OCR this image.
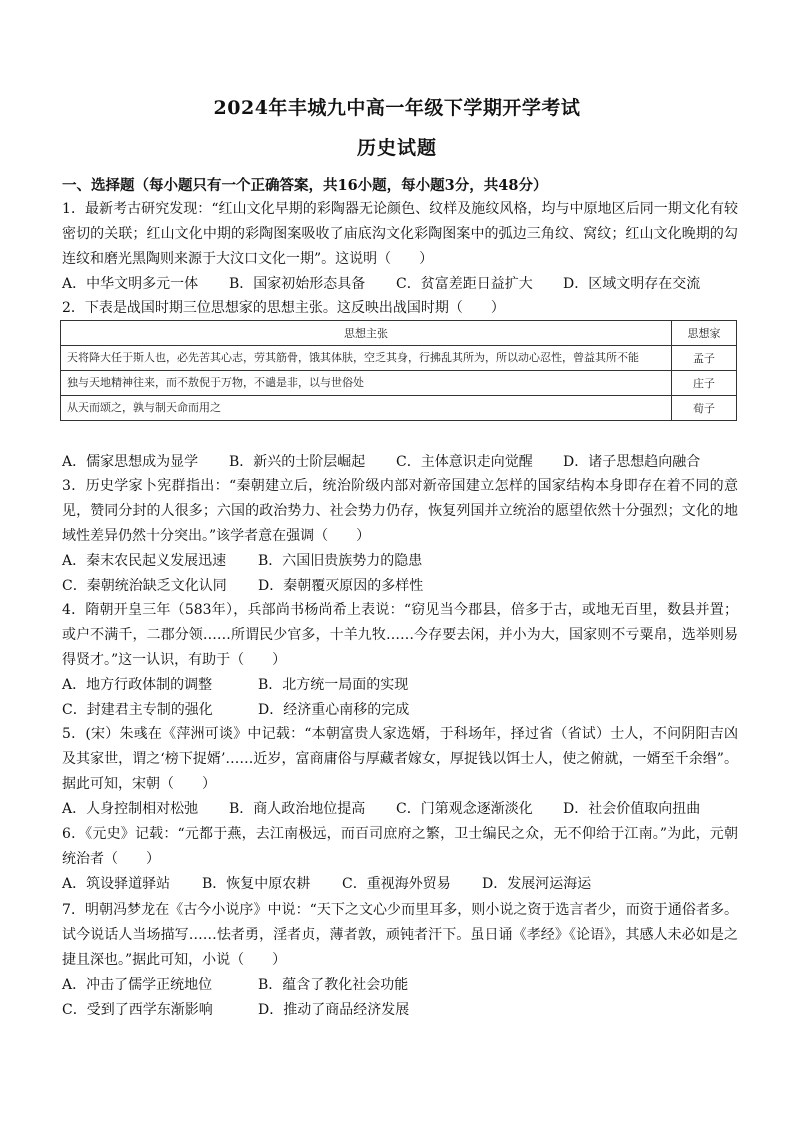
2024年丰城九中高一年级下学期开学考试
历史试题
一、选择题（每小题只有一个正确答案，共16小题，每小题3分，共48分）
1．最新考古研究发现：“红山文化早期的彩陶器无论颜色、纹样及施纹风格，均与中原地区后同一期文化有较密切的关联；红山文化中期的彩陶图案吸收了庙底沟文化彩陶图案中的弧边三角纹、窝纹；红山文化晚期的勾连纹和磨光黑陶则来源于大汶口文化一期”。这说明（　　）
A．中华文明多元一体 B．国家初始形态具备 C．贫富差距日益扩大 D．区域文明存在交流
2．下表是战国时期三位思想家的思想主张。这反映出战国时期（　　）
思想主张	思想家
天将降大任于斯人也，必先苦其心志，劳其筋骨，饿其体肤，空乏其身，行拂乱其所为，所以动心忍性，曾益其所不能	孟子
独与天地精神往来，而不敖倪于万物，不谴是非，以与世俗处	庄子
从天而颂之，孰与制天命而用之	荀子
A．儒家思想成为显学 B．新兴的士阶层崛起 C．主体意识走向觉醒 D．诸子思想趋向融合
3．历史学家卜宪群指出：“秦朝建立后，统治阶级内部对新帝国建立怎样的国家结构本身即存在着不同的意见，赞同分封的人很多；六国的政治势力、社会势力仍存，恢复列国并立统治的愿望依然十分强烈；文化的地域性差异仍然十分突出。”该学者意在强调（　　）
A．秦末农民起义发展迅速 B．六国旧贵族势力的隐患
C．秦朝统治缺乏文化认同 D．秦朝覆灭原因的多样性
4．隋朝开皇三年（583年），兵部尚书杨尚希上表说：“窃见当今郡县，倍多于古，或地无百里，数县并置；或户不满千，二郡分领……所谓民少官多，十羊九牧……今存要去闲，并小为大，国家则不亏粟帛，选举则易得贤才。”这一认识，有助于（　　）
A．地方行政体制的调整	B．北方统一局面的实现
C．封建君主专制的强化	D．经济重心南移的完成
5．(宋）朱彧在《萍洲可谈》中记载：“本朝富贵人家选婿，于科场年，择过省（省试）士人，不问阴阳吉凶及其家世，谓之‘榜下捉婿’……近岁，富商庸俗与厚藏者嫁女，厚捉钱以饵士人，使之俯就，一婿至千余缗”。据此可知，宋朝（　　）
A．人身控制相对松弛 B．商人政治地位提高 C．门第观念逐渐淡化 D．社会价值取向扭曲
6．《元史》记载：“元都于燕，去江南极远，而百司庶府之繁，卫士编民之众，无不仰给于江南。”为此，元朝统治者（　　）
A．筑设驿道驿站 B．恢复中原农耕 C．重视海外贸易 D．发展河运海运
7．明朝冯梦龙在《古今小说序》中说：“天下之文心少而里耳多，则小说之资于选言者少，而资于通俗者多。试今说话人当场描写……怯者勇，淫者贞，薄者敦，顽钝者汗下。虽日诵《孝经》《论语》，其感人未必如是之捷且深也。”据此可知，小说（　　）
A．冲击了儒学正统地位	B．蕴含了教化社会功能
C．受到了西学东渐影响	D．推动了商品经济发展
